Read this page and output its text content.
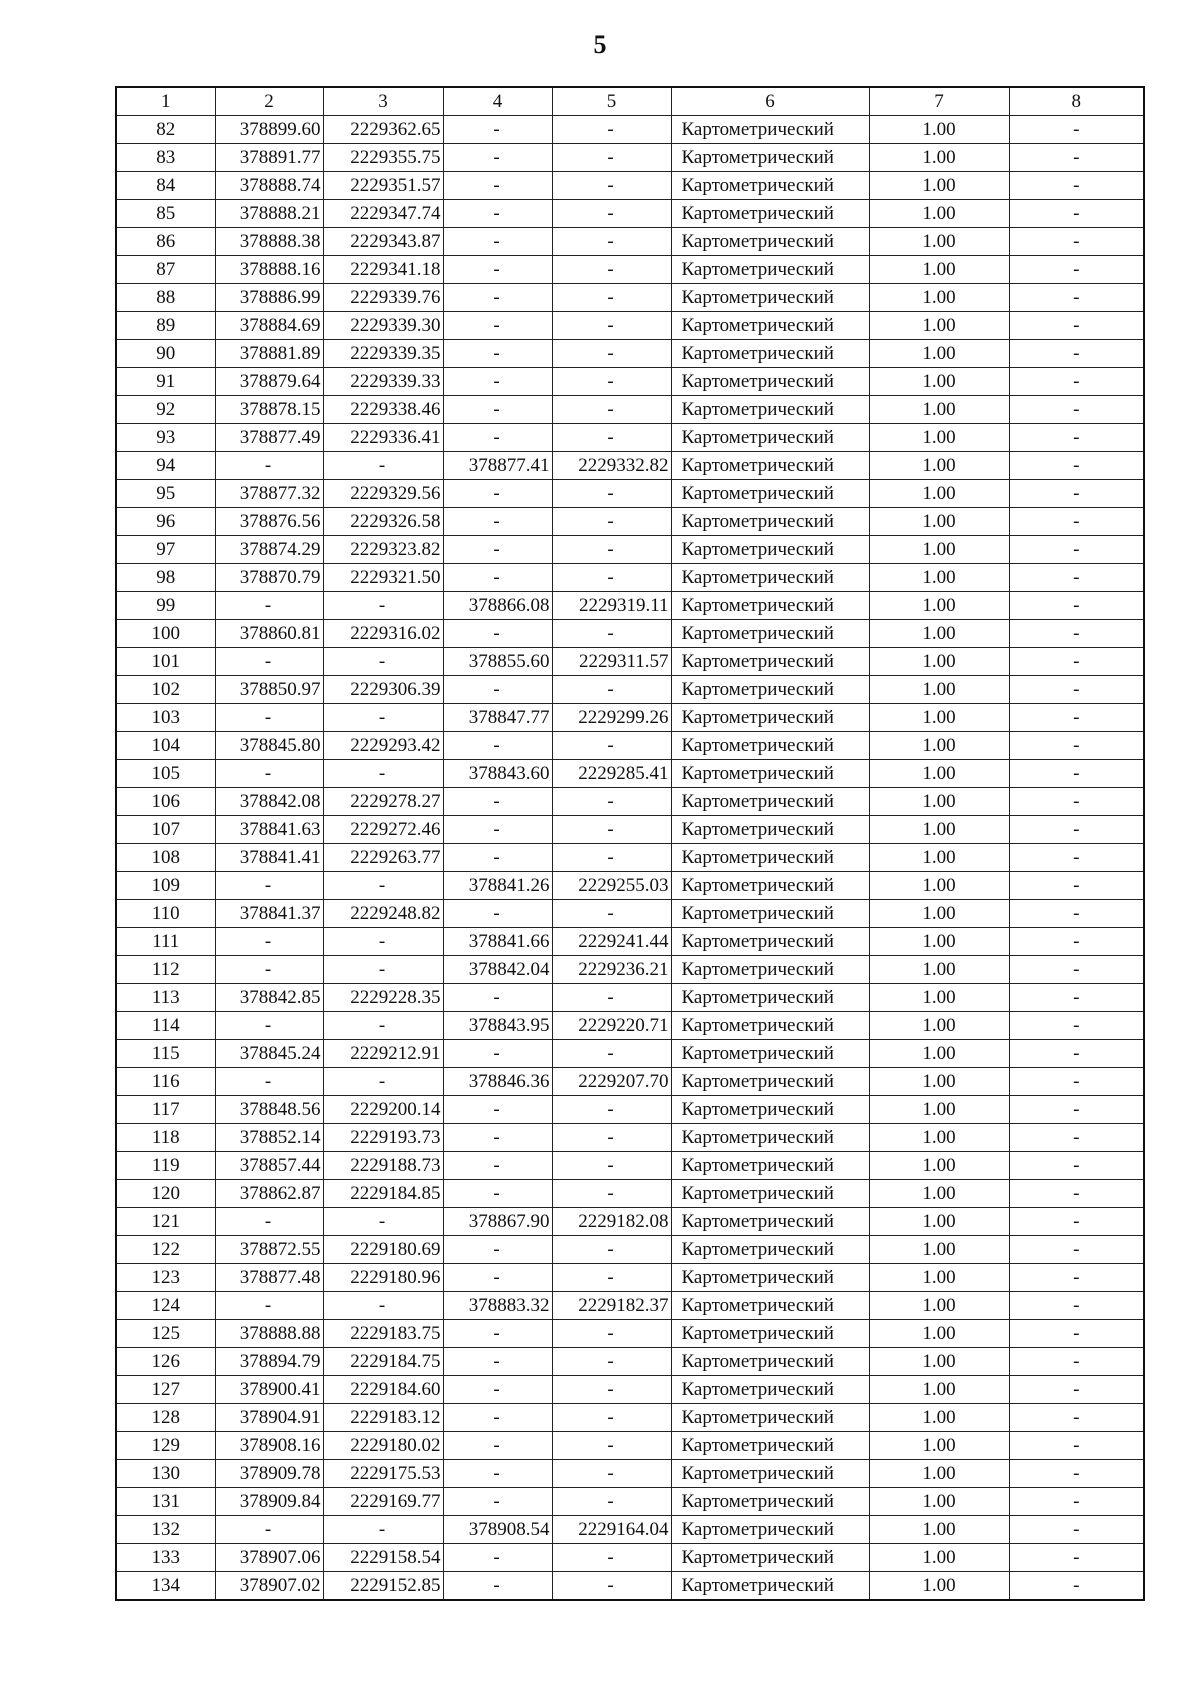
5
1	2	3	4	5	6	7	8
82	378899.60	2229362.65	-	-	Картометрический	1.00	-
83	378891.77	2229355.75	-	-	Картометрический	1.00	-
84	378888.74	2229351.57	-	-	Картометрический	1.00	-
85	378888.21	2229347.74	-	-	Картометрический	1.00	-
86	378888.38	2229343.87	-	-	Картометрический	1.00	-
87	378888.16	2229341.18	-	-	Картометрический	1.00	-
88	378886.99	2229339.76	-	-	Картометрический	1.00	-
89	378884.69	2229339.30	-	-	Картометрический	1.00	-
90	378881.89	2229339.35	-	-	Картометрический	1.00	-
91	378879.64	2229339.33	-	-	Картометрический	1.00	-
92	378878.15	2229338.46	-	-	Картометрический	1.00	-
93	378877.49	2229336.41	-	-	Картометрический	1.00	-
94	-	-	378877.41	2229332.82	Картометрический	1.00	-
95	378877.32	2229329.56	-	-	Картометрический	1.00	-
96	378876.56	2229326.58	-	-	Картометрический	1.00	-
97	378874.29	2229323.82	-	-	Картометрический	1.00	-
98	378870.79	2229321.50	-	-	Картометрический	1.00	-
99	-	-	378866.08	2229319.11	Картометрический	1.00	-
100	378860.81	2229316.02	-	-	Картометрический	1.00	-
101	-	-	378855.60	2229311.57	Картометрический	1.00	-
102	378850.97	2229306.39	-	-	Картометрический	1.00	-
103	-	-	378847.77	2229299.26	Картометрический	1.00	-
104	378845.80	2229293.42	-	-	Картометрический	1.00	-
105	-	-	378843.60	2229285.41	Картометрический	1.00	-
106	378842.08	2229278.27	-	-	Картометрический	1.00	-
107	378841.63	2229272.46	-	-	Картометрический	1.00	-
108	378841.41	2229263.77	-	-	Картометрический	1.00	-
109	-	-	378841.26	2229255.03	Картометрический	1.00	-
110	378841.37	2229248.82	-	-	Картометрический	1.00	-
111	-	-	378841.66	2229241.44	Картометрический	1.00	-
112	-	-	378842.04	2229236.21	Картометрический	1.00	-
113	378842.85	2229228.35	-	-	Картометрический	1.00	-
114	-	-	378843.95	2229220.71	Картометрический	1.00	-
115	378845.24	2229212.91	-	-	Картометрический	1.00	-
116	-	-	378846.36	2229207.70	Картометрический	1.00	-
117	378848.56	2229200.14	-	-	Картометрический	1.00	-
118	378852.14	2229193.73	-	-	Картометрический	1.00	-
119	378857.44	2229188.73	-	-	Картометрический	1.00	-
120	378862.87	2229184.85	-	-	Картометрический	1.00	-
121	-	-	378867.90	2229182.08	Картометрический	1.00	-
122	378872.55	2229180.69	-	-	Картометрический	1.00	-
123	378877.48	2229180.96	-	-	Картометрический	1.00	-
124	-	-	378883.32	2229182.37	Картометрический	1.00	-
125	378888.88	2229183.75	-	-	Картометрический	1.00	-
126	378894.79	2229184.75	-	-	Картометрический	1.00	-
127	378900.41	2229184.60	-	-	Картометрический	1.00	-
128	378904.91	2229183.12	-	-	Картометрический	1.00	-
129	378908.16	2229180.02	-	-	Картометрический	1.00	-
130	378909.78	2229175.53	-	-	Картометрический	1.00	-
131	378909.84	2229169.77	-	-	Картометрический	1.00	-
132	-	-	378908.54	2229164.04	Картометрический	1.00	-
133	378907.06	2229158.54	-	-	Картометрический	1.00	-
134	378907.02	2229152.85	-	-	Картометрический	1.00	-
